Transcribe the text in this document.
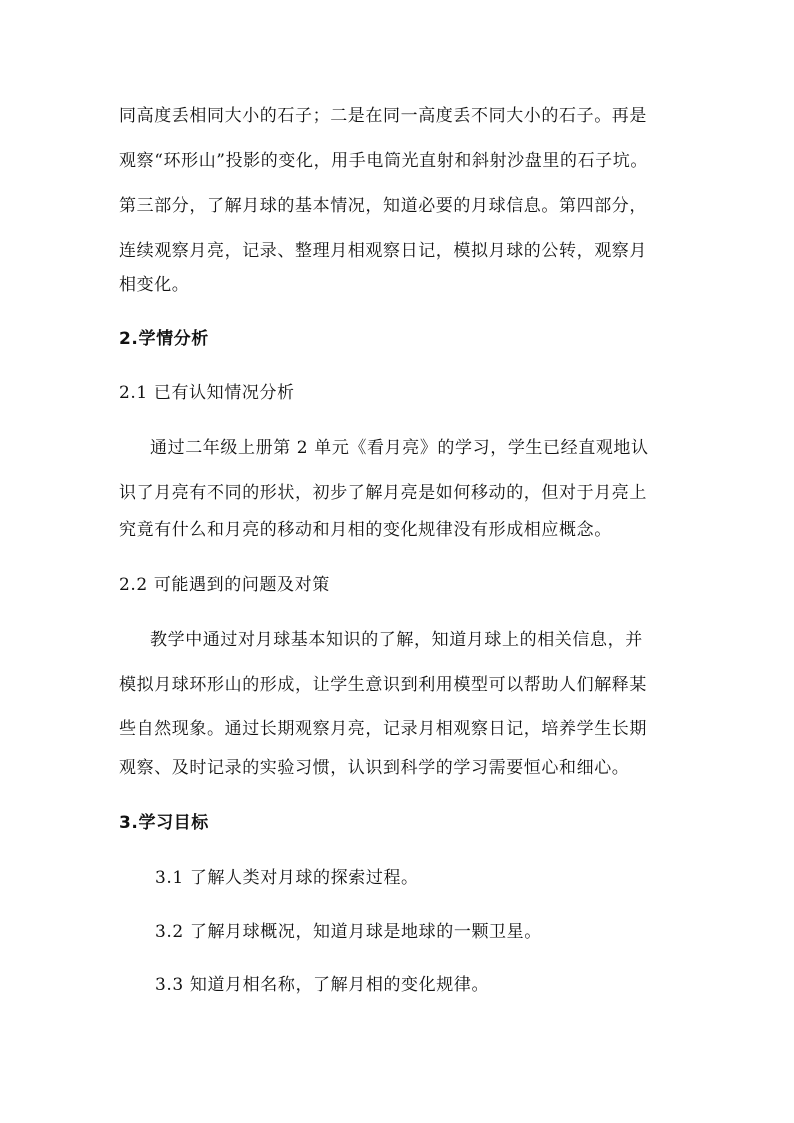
同高度丢相同大小的石子；二是在同一高度丢不同大小的石子。再是
观察“环形山”投影的变化，用手电筒光直射和斜射沙盘里的石子坑。
第三部分，了解月球的基本情况，知道必要的月球信息。第四部分，
连续观察月亮，记录、整理月相观察日记，模拟月球的公转，观察月
相变化。
2.学情分析
2.1 已有认知情况分析
通过二年级上册第 2 单元《看月亮》的学习，学生已经直观地认
识了月亮有不同的形状，初步了解月亮是如何移动的，但对于月亮上
究竟有什么和月亮的移动和月相的变化规律没有形成相应概念。
2.2 可能遇到的问题及对策
教学中通过对月球基本知识的了解，知道月球上的相关信息，并
模拟月球环形山的形成，让学生意识到利用模型可以帮助人们解释某
些自然现象。通过长期观察月亮，记录月相观察日记，培养学生长期
观察、及时记录的实验习惯，认识到科学的学习需要恒心和细心。
3.学习目标
3.1 了解人类对月球的探索过程。
3.2 了解月球概况，知道月球是地球的一颗卫星。
3.3 知道月相名称，了解月相的变化规律。
